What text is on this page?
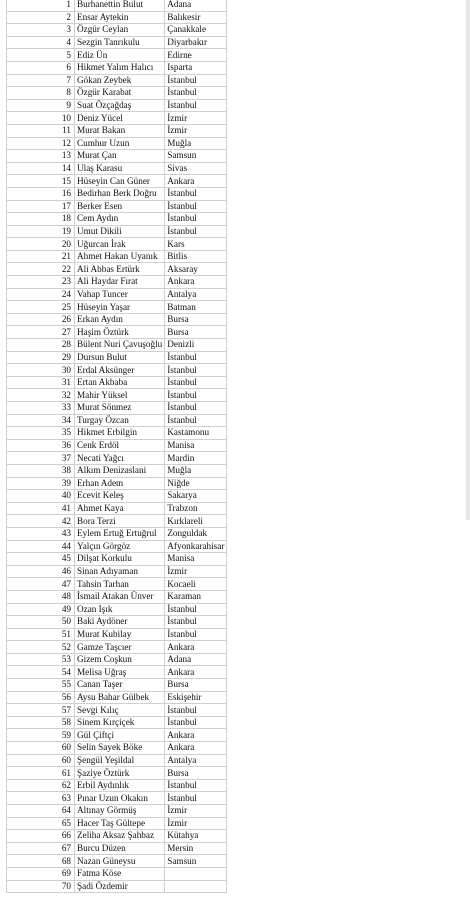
1	Burhanettin Bulut	Adana
2	Ensar Aytekin	Balıkesir
3	Özgür Ceylan	Çanakkale
4	Sezgin Tanrıkulu	Diyarbakır
5	Ediz Ün	Edirne
6	Hikmet Yalım Halıcı	Isparta
7	Gökan Zeybek	İstanbul
8	Özgür Karabat	İstanbul
9	Suat Özçağdaş	İstanbul
10	Deniz Yücel	İzmir
11	Murat Bakan	İzmir
12	Cumhur Uzun	Muğla
13	Murat Çan	Samsun
14	Ulaş Karasu	Sivas
15	Hüseyin Can Güner	Ankara
16	Bedirhan Berk Doğru	İstanbul
17	Berker Esen	İstanbul
18	Cem Aydın	İstanbul
19	Umut Dikili	İstanbul
20	Uğurcan İrak	Kars
21	Ahmet Hakan Uyanık	Bitlis
22	Ali Abbas Ertürk	Aksaray
23	Ali Haydar Fırat	Ankara
24	Vahap Tuncer	Antalya
25	Hüseyin Yaşar	Batman
26	Erkan Aydın	Bursa
27	Haşim Öztürk	Bursa
28	Bülent Nuri Çavuşoğlu	Denizli
29	Dursun Bulut	İstanbul
30	Erdal Aksünger	İstanbul
31	Ertan Akbaba	İstanbul
32	Mahir Yüksel	İstanbul
33	Murat Sönmez	İstanbul
34	Turgay Özcan	İstanbul
35	Hikmet Erbilgin	Kastamonu
36	Cenk Erdöl	Manisa
37	Necati Yağcı	Mardin
38	Alkım Denizaslani	Muğla
39	Erhan Adem	Niğde
40	Ecevit Keleş	Sakarya
41	Ahmet Kaya	Trabzon
42	Bora Terzi	Kırklareli
43	Eylem Ertuğ Ertuğrul	Zonguldak
44	Yalçın Görgöz	Afyonkarahisar
45	Dilşat Korkulu	Manisa
46	Sinan Adıyaman	İzmir
47	Tahsin Tarhan	Kocaeli
48	İsmail Atakan Ünver	Karaman
49	Ozan Işık	İstanbul
50	Baki Aydöner	İstanbul
51	Murat Kubilay	İstanbul
52	Gamze Taşcıer	Ankara
53	Gizem Coşkun	Adana
54	Melisa Uğraş	Ankara
55	Canan Taşer	Bursa
56	Aysu Bahar Gülbek	Eskişehir
57	Sevgi Kılıç	İstanbul
58	Sinem Kırçiçek	İstanbul
59	Gül Çiftçi	Ankara
60	Selin Sayek Böke	Ankara
60	Şengül Yeşildal	Antalya
61	Şaziye Öztürk	Bursa
62	Erbil Aydınlık	İstanbul
63	Pınar Uzun Okakın	İstanbul
64	Altınay Görmüş	İzmir
65	Hacer Taş Gültepe	İzmir
66	Zeliha Aksaz Şahbaz	Kütahya
67	Burcu Düzen	Mersin
68	Nazan Güneysu	Samsun
69	Fatma Köse	
70	Şadi Özdemir	
